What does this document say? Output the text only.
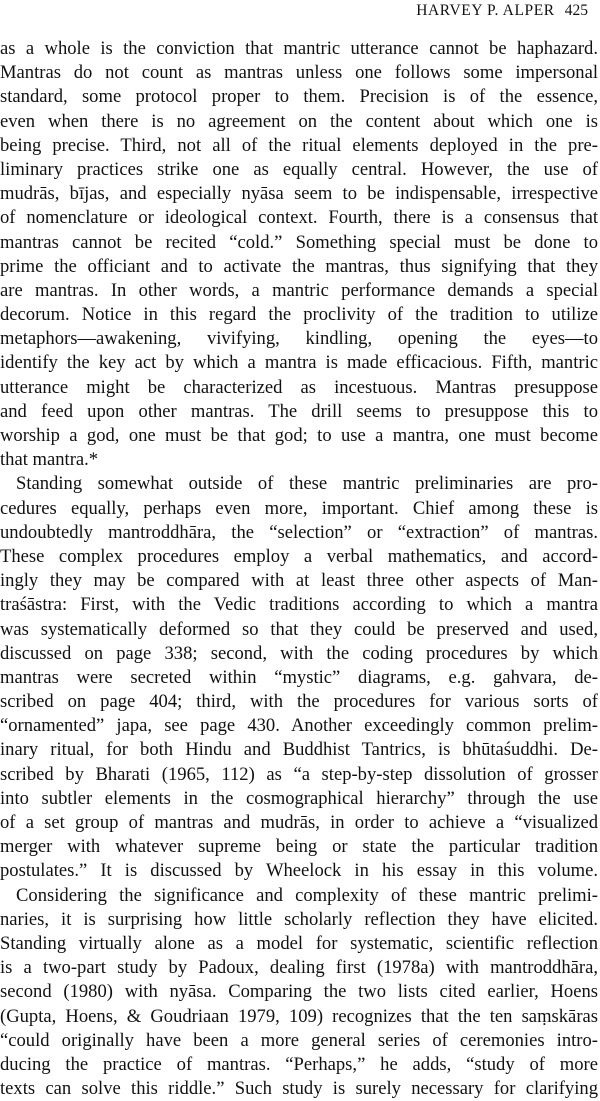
HARVEY P. ALPER 425
as a whole is the conviction that mantric utterance cannot be haphazard.
Mantras do not count as mantras unless one follows some impersonal
standard, some protocol proper to them. Precision is of the essence,
even when there is no agreement on the content about which one is
being precise. Third, not all of the ritual elements deployed in the pre-
liminary practices strike one as equally central. However, the use of
mudrās, bījas, and especially nyāsa seem to be indispensable, irrespective
of nomenclature or ideological context. Fourth, there is a consensus that
mantras cannot be recited “cold.” Something special must be done to
prime the officiant and to activate the mantras, thus signifying that they
are mantras. In other words, a mantric performance demands a special
decorum. Notice in this regard the proclivity of the tradition to utilize
metaphors—awakening, vivifying, kindling, opening the eyes—to
identify the key act by which a mantra is made efficacious. Fifth, mantric
utterance might be characterized as incestuous. Mantras presuppose
and feed upon other mantras. The drill seems to presuppose this to
worship a god, one must be that god; to use a mantra, one must become
that mantra.*
Standing somewhat outside of these mantric preliminaries are pro-
cedures equally, perhaps even more, important. Chief among these is
undoubtedly mantroddhāra, the “selection” or “extraction” of mantras.
These complex procedures employ a verbal mathematics, and accord-
ingly they may be compared with at least three other aspects of Man-
traśāstra: First, with the Vedic traditions according to which a mantra
was systematically deformed so that they could be preserved and used,
discussed on page 338; second, with the coding procedures by which
mantras were secreted within “mystic” diagrams, e.g. gahvara, de-
scribed on page 404; third, with the procedures for various sorts of
“ornamented” japa, see page 430. Another exceedingly common prelim-
inary ritual, for both Hindu and Buddhist Tantrics, is bhūtaśuddhi. De-
scribed by Bharati (1965, 112) as “a step-by-step dissolution of grosser
into subtler elements in the cosmographical hierarchy” through the use
of a set group of mantras and mudrās, in order to achieve a “visualized
merger with whatever supreme being or state the particular tradition
postulates.” It is discussed by Wheelock in his essay in this volume.
Considering the significance and complexity of these mantric prelimi-
naries, it is surprising how little scholarly reflection they have elicited.
Standing virtually alone as a model for systematic, scientific reflection
is a two-part study by Padoux, dealing first (1978a) with mantroddhāra,
second (1980) with nyāsa. Comparing the two lists cited earlier, Hoens
(Gupta, Hoens, & Goudriaan 1979, 109) recognizes that the ten saṃskāras
“could originally have been a more general series of ceremonies intro-
ducing the practice of mantras. “Perhaps,” he adds, “study of more
texts can solve this riddle.” Such study is surely necessary for clarifying
